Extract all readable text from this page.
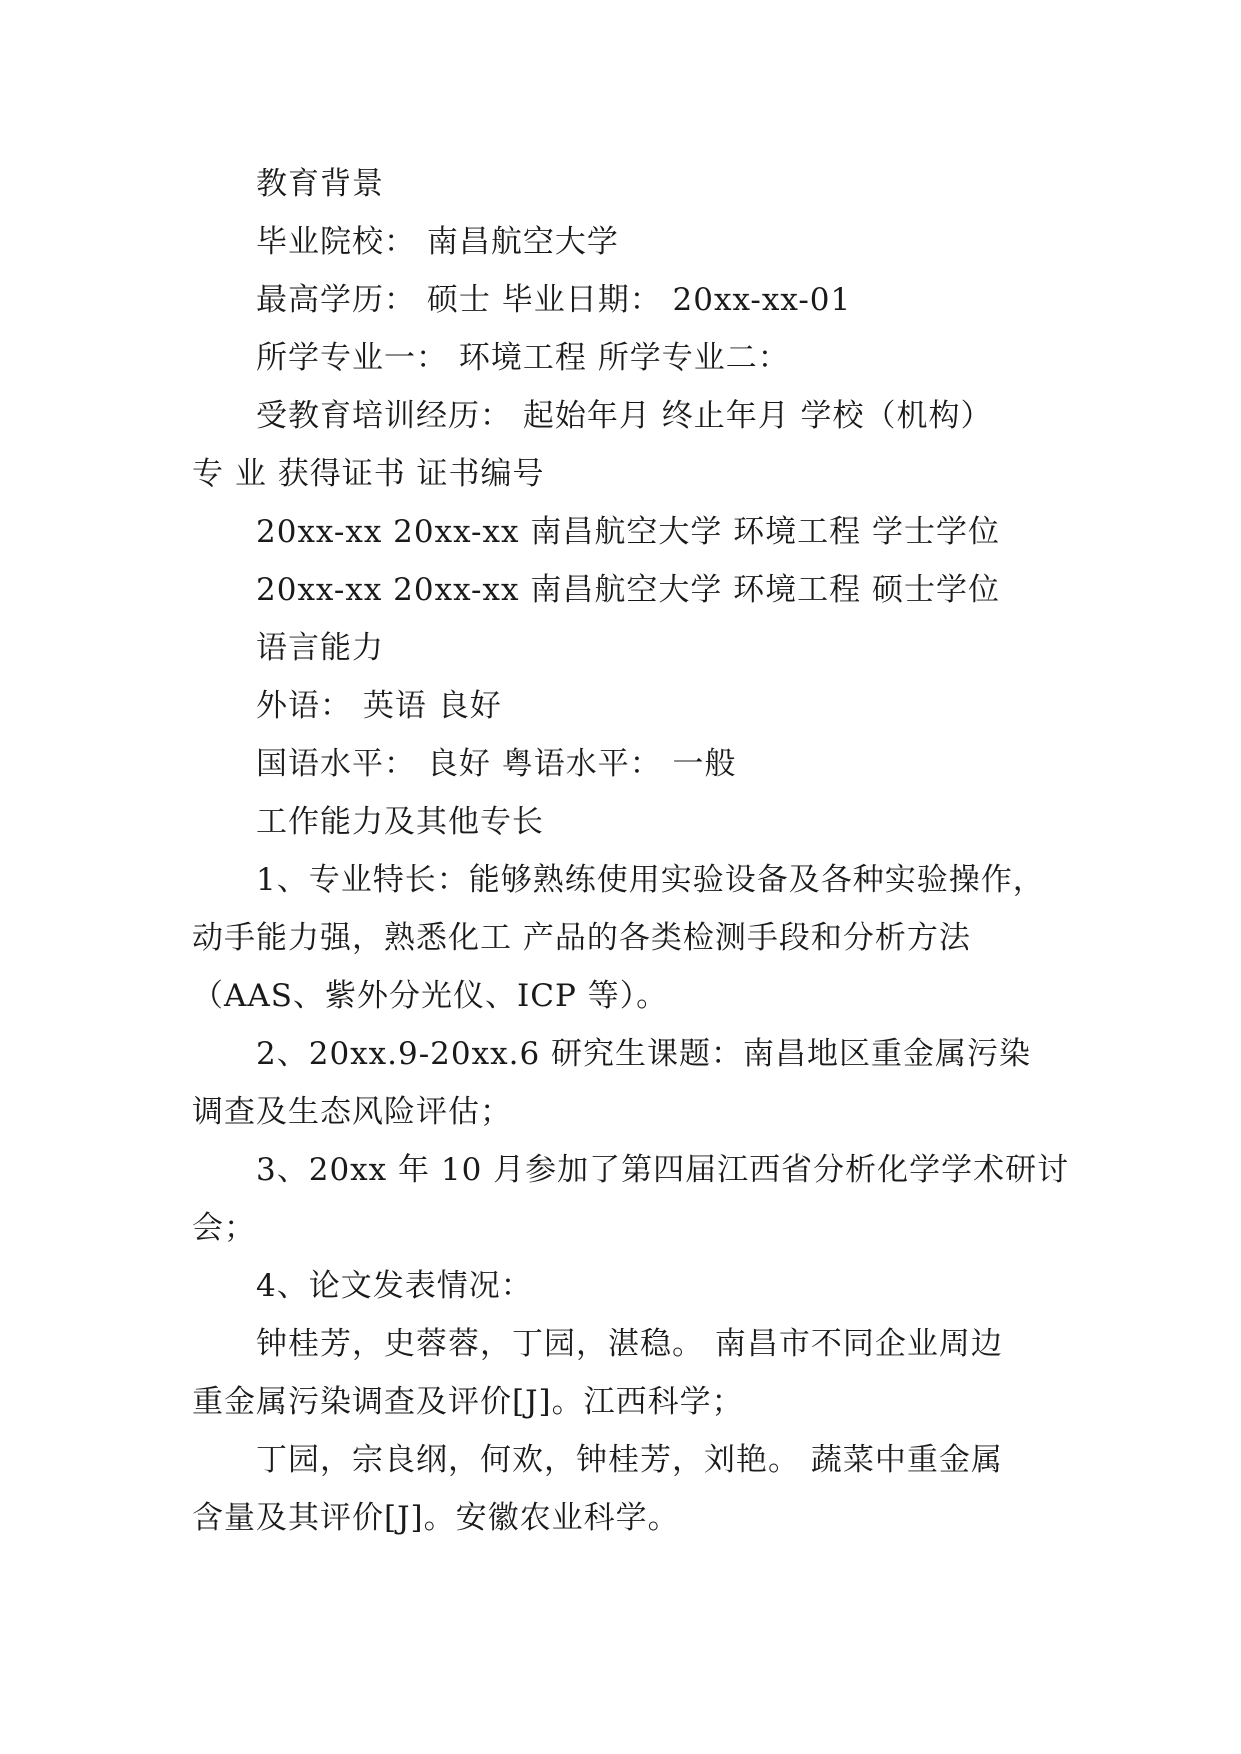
教育背景
毕业院校： 南昌航空大学
最高学历： 硕士 毕业日期： 20xx-xx-01
所学专业一： 环境工程 所学专业二：
受教育培训经历： 起始年月 终止年月 学校（机构）
专 业 获得证书 证书编号
20xx-xx 20xx-xx 南昌航空大学 环境工程 学士学位
20xx-xx 20xx-xx 南昌航空大学 环境工程 硕士学位
语言能力
外语： 英语 良好
国语水平： 良好 粤语水平： 一般
工作能力及其他专长
1、专业特长：能够熟练使用实验设备及各种实验操作，
动手能力强，熟悉化工 产品的各类检测手段和分析方法
（AAS、紫外分光仪、ICP 等）。
2、20xx.9-20xx.6 研究生课题：南昌地区重金属污染
调查及生态风险评估；
3、20xx 年 10 月参加了第四届江西省分析化学学术研讨
会；
4、论文发表情况：
钟桂芳，史蓉蓉，丁园，湛稳。 南昌市不同企业周边
重金属污染调查及评价[J]。江西科学；
丁园，宗良纲，何欢，钟桂芳，刘艳。 蔬菜中重金属
含量及其评价[J]。安徽农业科学。
